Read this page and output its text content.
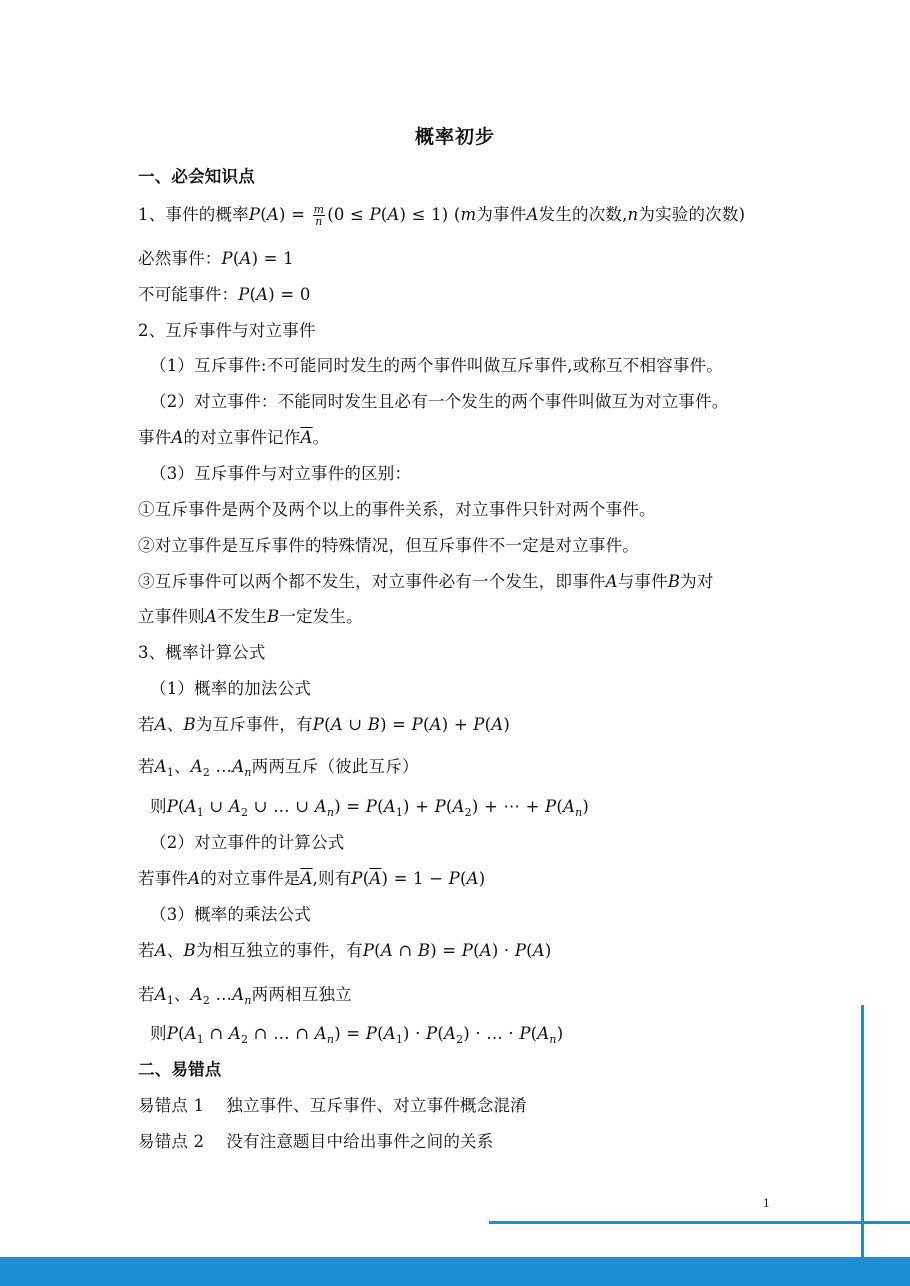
概率初步
一、必会知识点
1、事件的概率$P(A) = \frac{m}{n} (0 \le P(A) \le 1)$ (m为事件A发生的次数,n为实验的次数)
必然事件：P(A) = 1
不可能事件：P(A) = 0
2、互斥事件与对立事件
（1）互斥事件:不可能同时发生的两个事件叫做互斥事件,或称互不相容事件。
（2）对立事件：不能同时发生且必有一个发生的两个事件叫做互为对立事件。
事件A的对立事件记作$\overline{A}$。
（3）互斥事件与对立事件的区别：
①互斥事件是两个及两个以上的事件关系，对立事件只针对两个事件。
②对立事件是互斥事件的特殊情况，但互斥事件不一定是对立事件。
③互斥事件可以两个都不发生，对立事件必有一个发生，即事件A与事件B为对
立事件则A不发生B一定发生。
3、概率计算公式
（1）概率的加法公式
若A、B为互斥事件，有P(A ∪ B) = P(A) + P(A)
若$A_1$、$A_2$ $\dots A_n$两两互斥（彼此互斥）
则$P(A_1$ ∪ $A_2$ ∪ … ∪ $A_n) = P(A_1) + P(A_2)$ + ⋯ + $P(A_n)$
（2）对立事件的计算公式
若事件A的对立事件是$\overline{A}$,则有$P(\overline{A}) = 1 - P(A)$
（3）概率的乘法公式
若A、B为相互独立的事件，有P(A ∩ B) = P(A) · P(A)
若$A_1$、$A_2$ $\dots A_n$两两相互独立
则$P(A_1$ ∩ $A_2$ ∩ … ∩ $A_n) = P(A_1) \cdot P(A_2)$ · … · $P(A_n)$
二、易错点
易错点 1 独立事件、互斥事件、对立事件概念混淆
易错点 2 没有注意题目中给出事件之间的关系
1
